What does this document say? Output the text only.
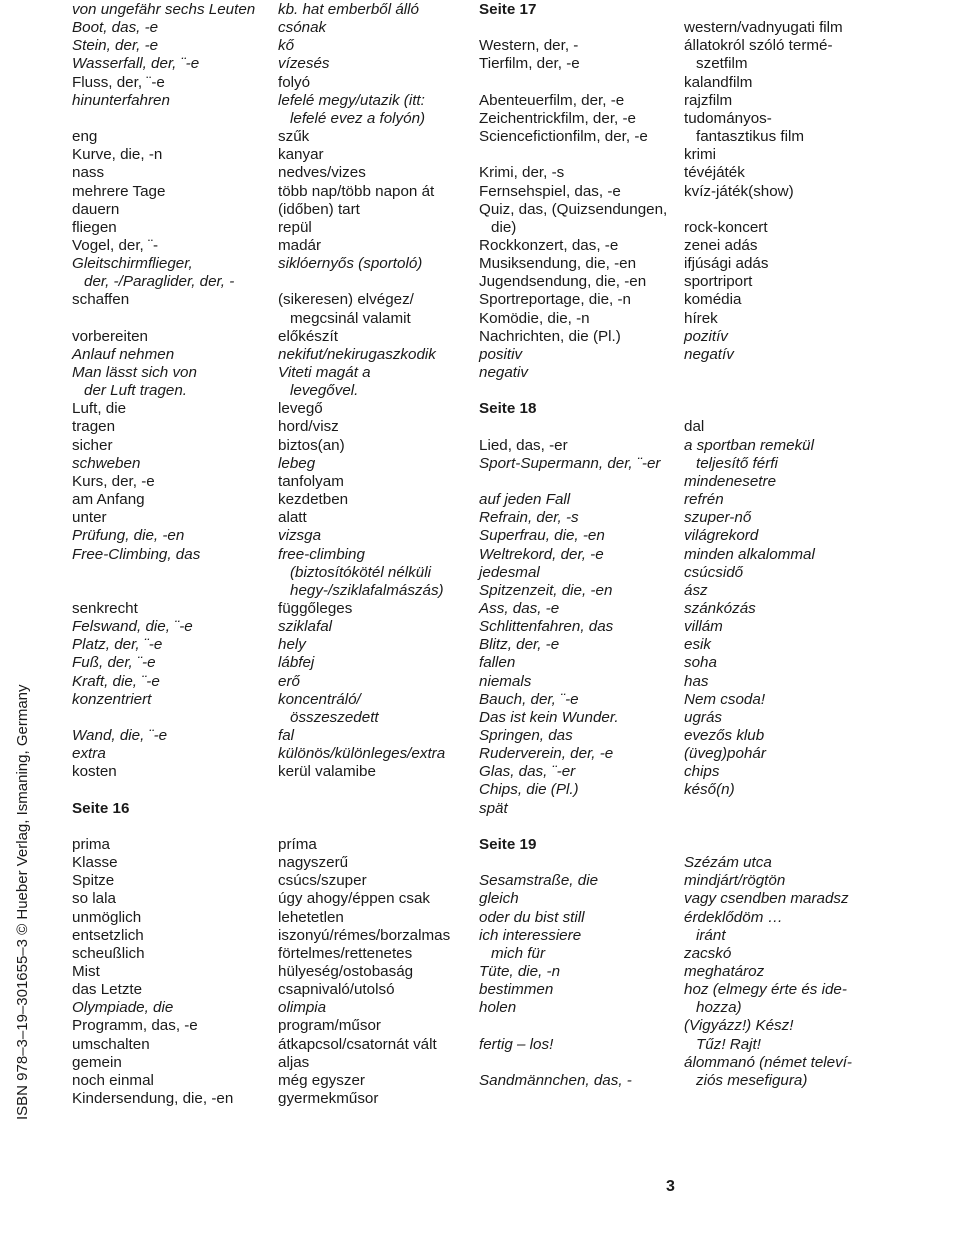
ISBN 978–3–19–301655–3 © Hueber Verlag, Ismaning, Germany
von ungefähr sechs Leuten
Boot, das, -e
Stein, der, -e
Wasserfall, der, ¨-e
Fluss, der, ¨-e
hinunterfahren
eng
Kurve, die, -n
nass
mehrere Tage
dauern
fliegen
Vogel, der, ¨-
Gleitschirmflieger,
der, -/Paraglider, der, -
schaffen
vorbereiten
Anlauf nehmen
Man lässt sich von
der Luft tragen.
Luft, die
tragen
sicher
schweben
Kurs, der, -e
am Anfang
unter
Prüfung, die, -en
Free-Climbing, das
senkrecht
Felswand, die, ¨-e
Platz, der, ¨-e
Fuß, der, ¨-e
Kraft, die, ¨-e
konzentriert
Wand, die, ¨-e
extra
kosten
Seite 16
prima
Klasse
Spitze
so lala
unmöglich
entsetzlich
scheußlich
Mist
das Letzte
Olympiade, die
Programm, das, -e
umschalten
gemein
noch einmal
Kindersendung, die, -en
kb. hat emberből álló
csónak
kő
vízesés
folyó
lefelé megy/utazik (itt:
lefelé evez a folyón)
szűk
kanyar
nedves/vizes
több nap/több napon át
(időben) tart
repül
madár
siklóernyős (sportoló)
(sikeresen) elvégez/
megcsinál valamit
előkészít
nekifut/nekirugaszkodik
Viteti magát a
levegővel.
levegő
hord/visz
biztos(an)
lebeg
tanfolyam
kezdetben
alatt
vizsga
free-climbing
(biztosítókötél nélküli
hegy-/sziklafalmászás)
függőleges
sziklafal
hely
lábfej
erő
koncentráló/
összeszedett
fal
különös/különleges/extra
kerül valamibe
príma
nagyszerű
csúcs/szuper
úgy ahogy/éppen csak
lehetetlen
iszonyú/rémes/borzalmas
förtelmes/rettenetes
hülyeség/ostobaság
csapnivaló/utolsó
olimpia
program/műsor
átkapcsol/csatornát vált
aljas
még egyszer
gyermekműsor
Seite 17
Western, der, -
Tierfilm, der, -e
Abenteuerfilm, der, -e
Zeichentrickfilm, der, -e
Sciencefictionfilm, der, -e
Krimi, der, -s
Fernsehspiel, das, -e
Quiz, das, (Quizsendungen,
die)
Rockkonzert, das, -e
Musiksendung, die, -en
Jugendsendung, die, -en
Sportreportage, die, -n
Komödie, die, -n
Nachrichten, die (Pl.)
positiv
negativ
Seite 18
Lied, das, -er
Sport-Supermann, der, ¨-er
auf jeden Fall
Refrain, der, -s
Superfrau, die, -en
Weltrekord, der, -e
jedesmal
Spitzenzeit, die, -en
Ass, das, -e
Schlittenfahren, das
Blitz, der, -e
fallen
niemals
Bauch, der, ¨-e
Das ist kein Wunder.
Springen, das
Ruderverein, der, -e
Glas, das, ¨-er
Chips, die (Pl.)
spät
Seite 19
Sesamstraße, die
gleich
oder du bist still
ich interessiere
mich für
Tüte, die, -n
bestimmen
holen
fertig – los!
Sandmännchen, das, -
western/vadnyugati film
állatokról szóló termé-
szetfilm
kalandfilm
rajzfilm
tudományos-
fantasztikus film
krimi
tévéjáték
kvíz-játék(show)
rock-koncert
zenei adás
ifjúsági adás
sportriport
komédia
hírek
pozitív
negatív
dal
a sportban remekül
teljesítő férfi
mindenesetre
refrén
szuper-nő
világrekord
minden alkalommal
csúcsidő
ász
szánkózás
villám
esik
soha
has
Nem csoda!
ugrás
evezős klub
(üveg)pohár
chips
késő(n)
Szézám utca
mindjárt/rögtön
vagy csendben maradsz
érdeklődöm …
iránt
zacskó
meghatároz
hoz (elmegy érte és ide-
hozza)
(Vigyázz!) Kész!
Tűz! Rajt!
álommanó (német televí-
ziós mesefigura)
3
